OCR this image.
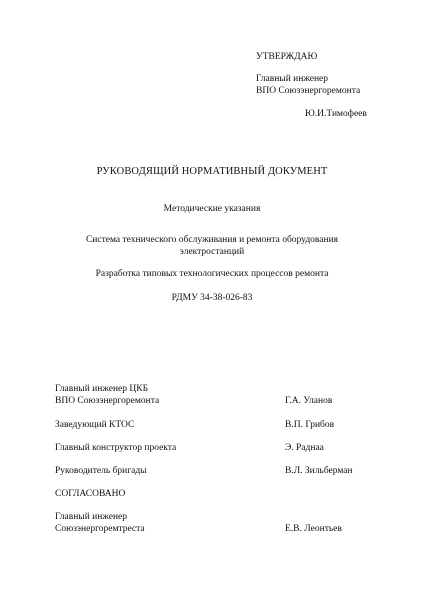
УТВЕРЖДАЮ
Главный инженер
ВПО Союзэнергоремонта
Ю.И.Тимофеев
РУКОВОДЯЩИЙ НОРМАТИВНЫЙ ДОКУМЕНТ
Методические указания
Система технического обслуживания и ремонта оборудования
электростанций
Разработка типовых технологических процессов ремонта
РДМУ 34-38-026-83
Главный инженер ЦКБ
ВПО Союзэнергоремонта	Г.А. Уланов
Заведующий КТОС	В.П. Грибов
Главный конструктор проекта	Э. Раднаа
Руководитель бригады	В.Л. Зильберман
СОГЛАСОВАНО
Главный инженер
Союзэнергоремтреста	Е.В. Леонтьев
